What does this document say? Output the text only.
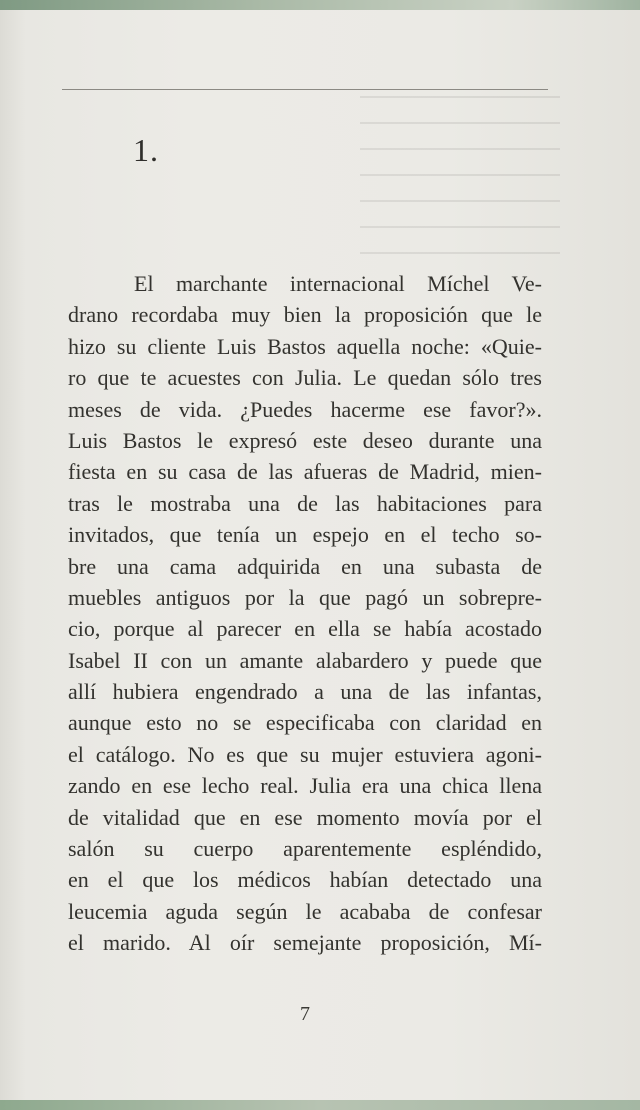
1.
El marchante internacional Míchel Ve-
drano recordaba muy bien la proposición que le
hizo su cliente Luis Bastos aquella noche: «Quie-
ro que te acuestes con Julia. Le quedan sólo tres
meses de vida. ¿Puedes hacerme ese favor?».
Luis Bastos le expresó este deseo durante una
fiesta en su casa de las afueras de Madrid, mien-
tras le mostraba una de las habitaciones para
invitados, que tenía un espejo en el techo so-
bre una cama adquirida en una subasta de
muebles antiguos por la que pagó un sobrepre-
cio, porque al parecer en ella se había acostado
Isabel II con un amante alabardero y puede que
allí hubiera engendrado a una de las infantas,
aunque esto no se especificaba con claridad en
el catálogo. No es que su mujer estuviera agoni-
zando en ese lecho real. Julia era una chica llena
de vitalidad que en ese momento movía por el
salón su cuerpo aparentemente espléndido,
en el que los médicos habían detectado una
leucemia aguda según le acababa de confesar
el marido. Al oír semejante proposición, Mí-
7
